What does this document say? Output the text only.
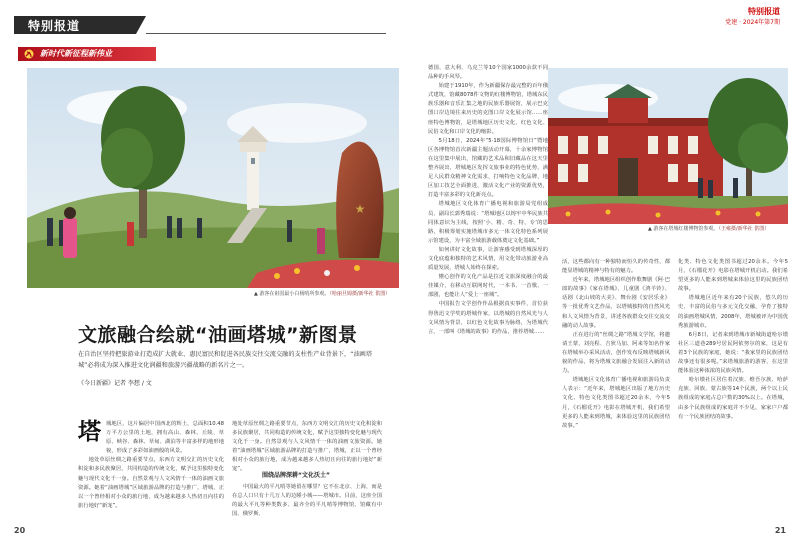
特别报道
新时代新征程新伟业
★
▲ 游客在祖国最小白杨哨所参观。（哈丽旦姆摄/新华社 供图）
文旅融合绘就“油画塔城”新图景
在自治区坚持把旅游业打造成扩大就业、惠民富民和促进各民族交往交流交融的支柱性产业背景下，“油画塔城”必将成为深入推进文化润疆和旅游兴疆战略的新名片之一。
《今日新疆》记者 李想 / 文
塔 城地区，这片偏居中国西北的辉土，总面积10.48万平方公里的土地，拥有高山、森林、丘陵、草原、峡谷、森林、草甸、湖泊等丰富多样的地形地貌，形成了多彩如油画般的风景。

地处草原丝绸之路重要节点，东西方文明交汇的历史文化积淀和多民族聚居，共同构造的传统文化，赋予这里独特变化魅与现代文化千一身。自然景观与人文风情千一体的油画文旅资源。她着“油画塔城”区域旅游品牌的打造与推广，塔城，正以一个曾经相对小众的旅行地，成为越来越多人热切且向往的旅行地好“新宠”。

地处草原丝绸之路重要节点，东西方文明交汇的历史文化积淀和多民族聚居，共同构造的传统文化，赋予这里独特变化魅与现代文化千一身。自然景观与人文风情千一体的油画文旅资源。她着“油画塔城”区域旅游品牌的打造与推广，塔城，正以一个曾经相对小众的旅行地，成为越来越多人热切且向往的旅行地好“新宠”。

围绕品牌深耕“文化沃土”

中国最大的平凡哨等她留在哪里？它不在北京、上海，而是在总人口只有十几万人的边陲小城——塔城市。目前，这座全国的最大平凡等种类数多、最齐全的平凡哨等博物馆，馆藏有中国、俄罗斯、

20
特别报道
党建 · 2024年第7期

德国、意大利、乌克兰等10个国家1000余款不同品种的手风琴。

始建于1910年，作为新疆保存最完整的百年俄式建筑，馆藏8078件文物的红楼博物馆，塔城东民族乐器和音乐汇集之地的民族乐器展馆，展示巴克图口岸边境往来历史的克图口岸文化展示馆……座座特色博物馆，是塔城地区历史文化、红色文化、民俗文化和口岸文化的缩影。

5月18日，2024年“5·18国际博物馆日”暨地区各博物馆首次新疆主题活动开幕，十余家博物馆在这里集中展出，馆藏的艺术品和旧藏品在这天里整齐展出，塔城地区发挥文旅事业的特色优势，满足人民群众精神文化需求，打响特色文化品牌，地区加工技艺全面推进，激活文化产业的资源优势，打造丰富多彩的文化新亮点。

塔城地区文化体育广播电视和旅游局党组成员、副局长郭秀瑞说：“塔城地区以铸牢中华民族共同体意识为主线，按照‘小、精、奇、特、专’的思路，积极筹划实施塔城市多元一体文化特色系列展示馆建设，为丰富全域旅游载体奠定文化基础。”

如何讲好文化故事，让游客感受到塔城深厚的文化底蕴和独特的艺术风情，用文化带动旅游业高质量发展，塔城人始终在探索。

懂心创作的文化产品是拉近文旅深度融合的最佳媒介，在移动互联网时代，一本书、一首歌、一部剧，也能让人“爱上一座城”。

中国报告文学创作作品根据真实事件，首位获得鲁迅文学奖的塔城作家，以塔城的自然风光与人文风情为背景，以红色文化故事为脉络，为塔城代言，一部叫《塔城的故事》的作品，推荐塔城……

▲ 游客在塔城红楼博物馆参观。（王雍摄/新华社 供图）

活，这些都向有一种独特而恒久的传奇性，都能显塔城的精神与特有的魅力。

近年来，塔城地区组织创作歌舞剧《阿·巴郎的故事》《家在塔城》、儿童剧《鸿羊铃》、话剧《北山坡的大美》、舞台剧《安居乐业》等一批优秀文艺作品，以塔城独特的自然风光和人文风情为背景，讲述各族群众交往交流交融的动人故事。

正在进行的“丝绸之路”塔城文学馆，将邀请王蒙、刘亮程、吉狄马加、阿来等知名作家在塔城举办采风活动，创作发布反映塔城新风貌的作品，将为塔城文旅融合发展注入新的动力。

塔城地区文化体育广播电视和旅游局负责人表示：“近年来，塔城地区出版了地方历史文化、特色文化类图书超过20余本，今年5月，《石榴花开》电影在塔城开机，我们希望更多的人能来到塔城，来体验这里的民族团结故事。”

化类、特色文化类图书超过20余本。今年5月，《石榴花开》电影在塔城开机启动。我们希望更多的人能来到塔城来体验这里的民族团结故事。

塔城地区近年来有20个民族，悠久的历史、丰富的民俗与多元文化交融，孕育了独特的油画塔城风情，2008年，塔城被评为中国优秀旅游城市。

6月8日，记者来到塔城市新城街道哈尔墩社区三道巷289号居民阿依努尔的家，这是有着3个民族的家庭，她说：“我家里的民族团结故事还有很多呢。”来塔城旅游的游客，在这里能体验这种浓浓的民族风情。

哈尔墩社区居住着汉族、维吾尔族、哈萨克族、回族、蒙古族等14个民族，两个以上民族组成的家庭占总户数的30%以上。在塔城，由多个民族组成的家庭并不少见，家家户户都有一个民族团结的故事。

21
